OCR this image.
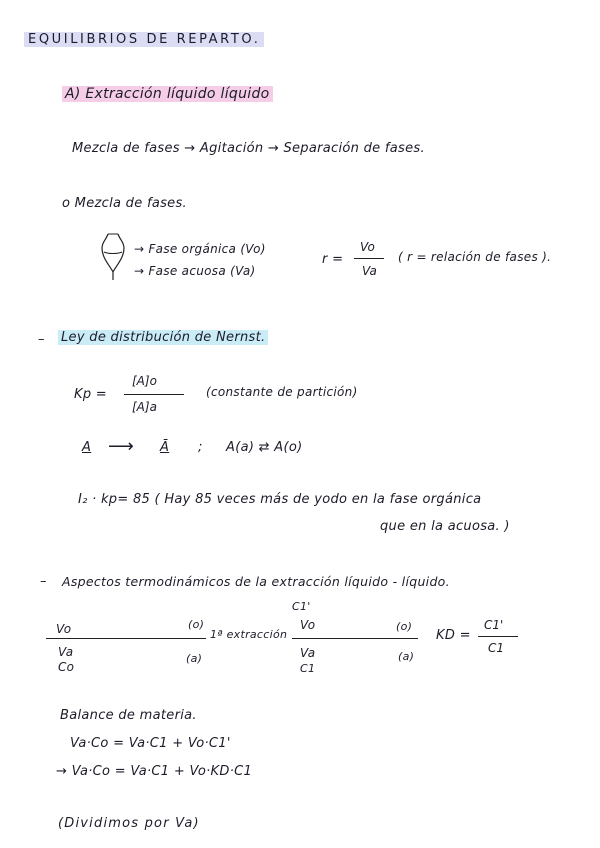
EQUILIBRIOS DE REPARTO.
A) Extracción líquido líquido
Mezcla de fases → Agitación → Separación de fases.
o Mezcla de fases.
→ Fase orgánica (Vo)
→ Fase acuosa (Va)
r =
Vo
Va
( r = relación de fases ).
– Ley de distribución de Nernst.
Kp =
[A]o
[A]a
(constante de partición)
A ⟶ Ā ; A(a) ⇄ A(o)
I₂ · kp= 85 ( Hay 85 veces más de yodo en la fase orgánica
que en la acuosa. )
– Aspectos termodinámicos de la extracción líquido - líquido.
Vo	(o)
Va
Co
(a)
1ª extracción
C1'
Vo	(o)
Va
C1
(a)
KD =
C1'
C1
Balance de materia.
Va·Co = Va·C1 + Vo·C1'
→ Va·Co = Va·C1 + Vo·KD·C1
(Dividimos por Va)
